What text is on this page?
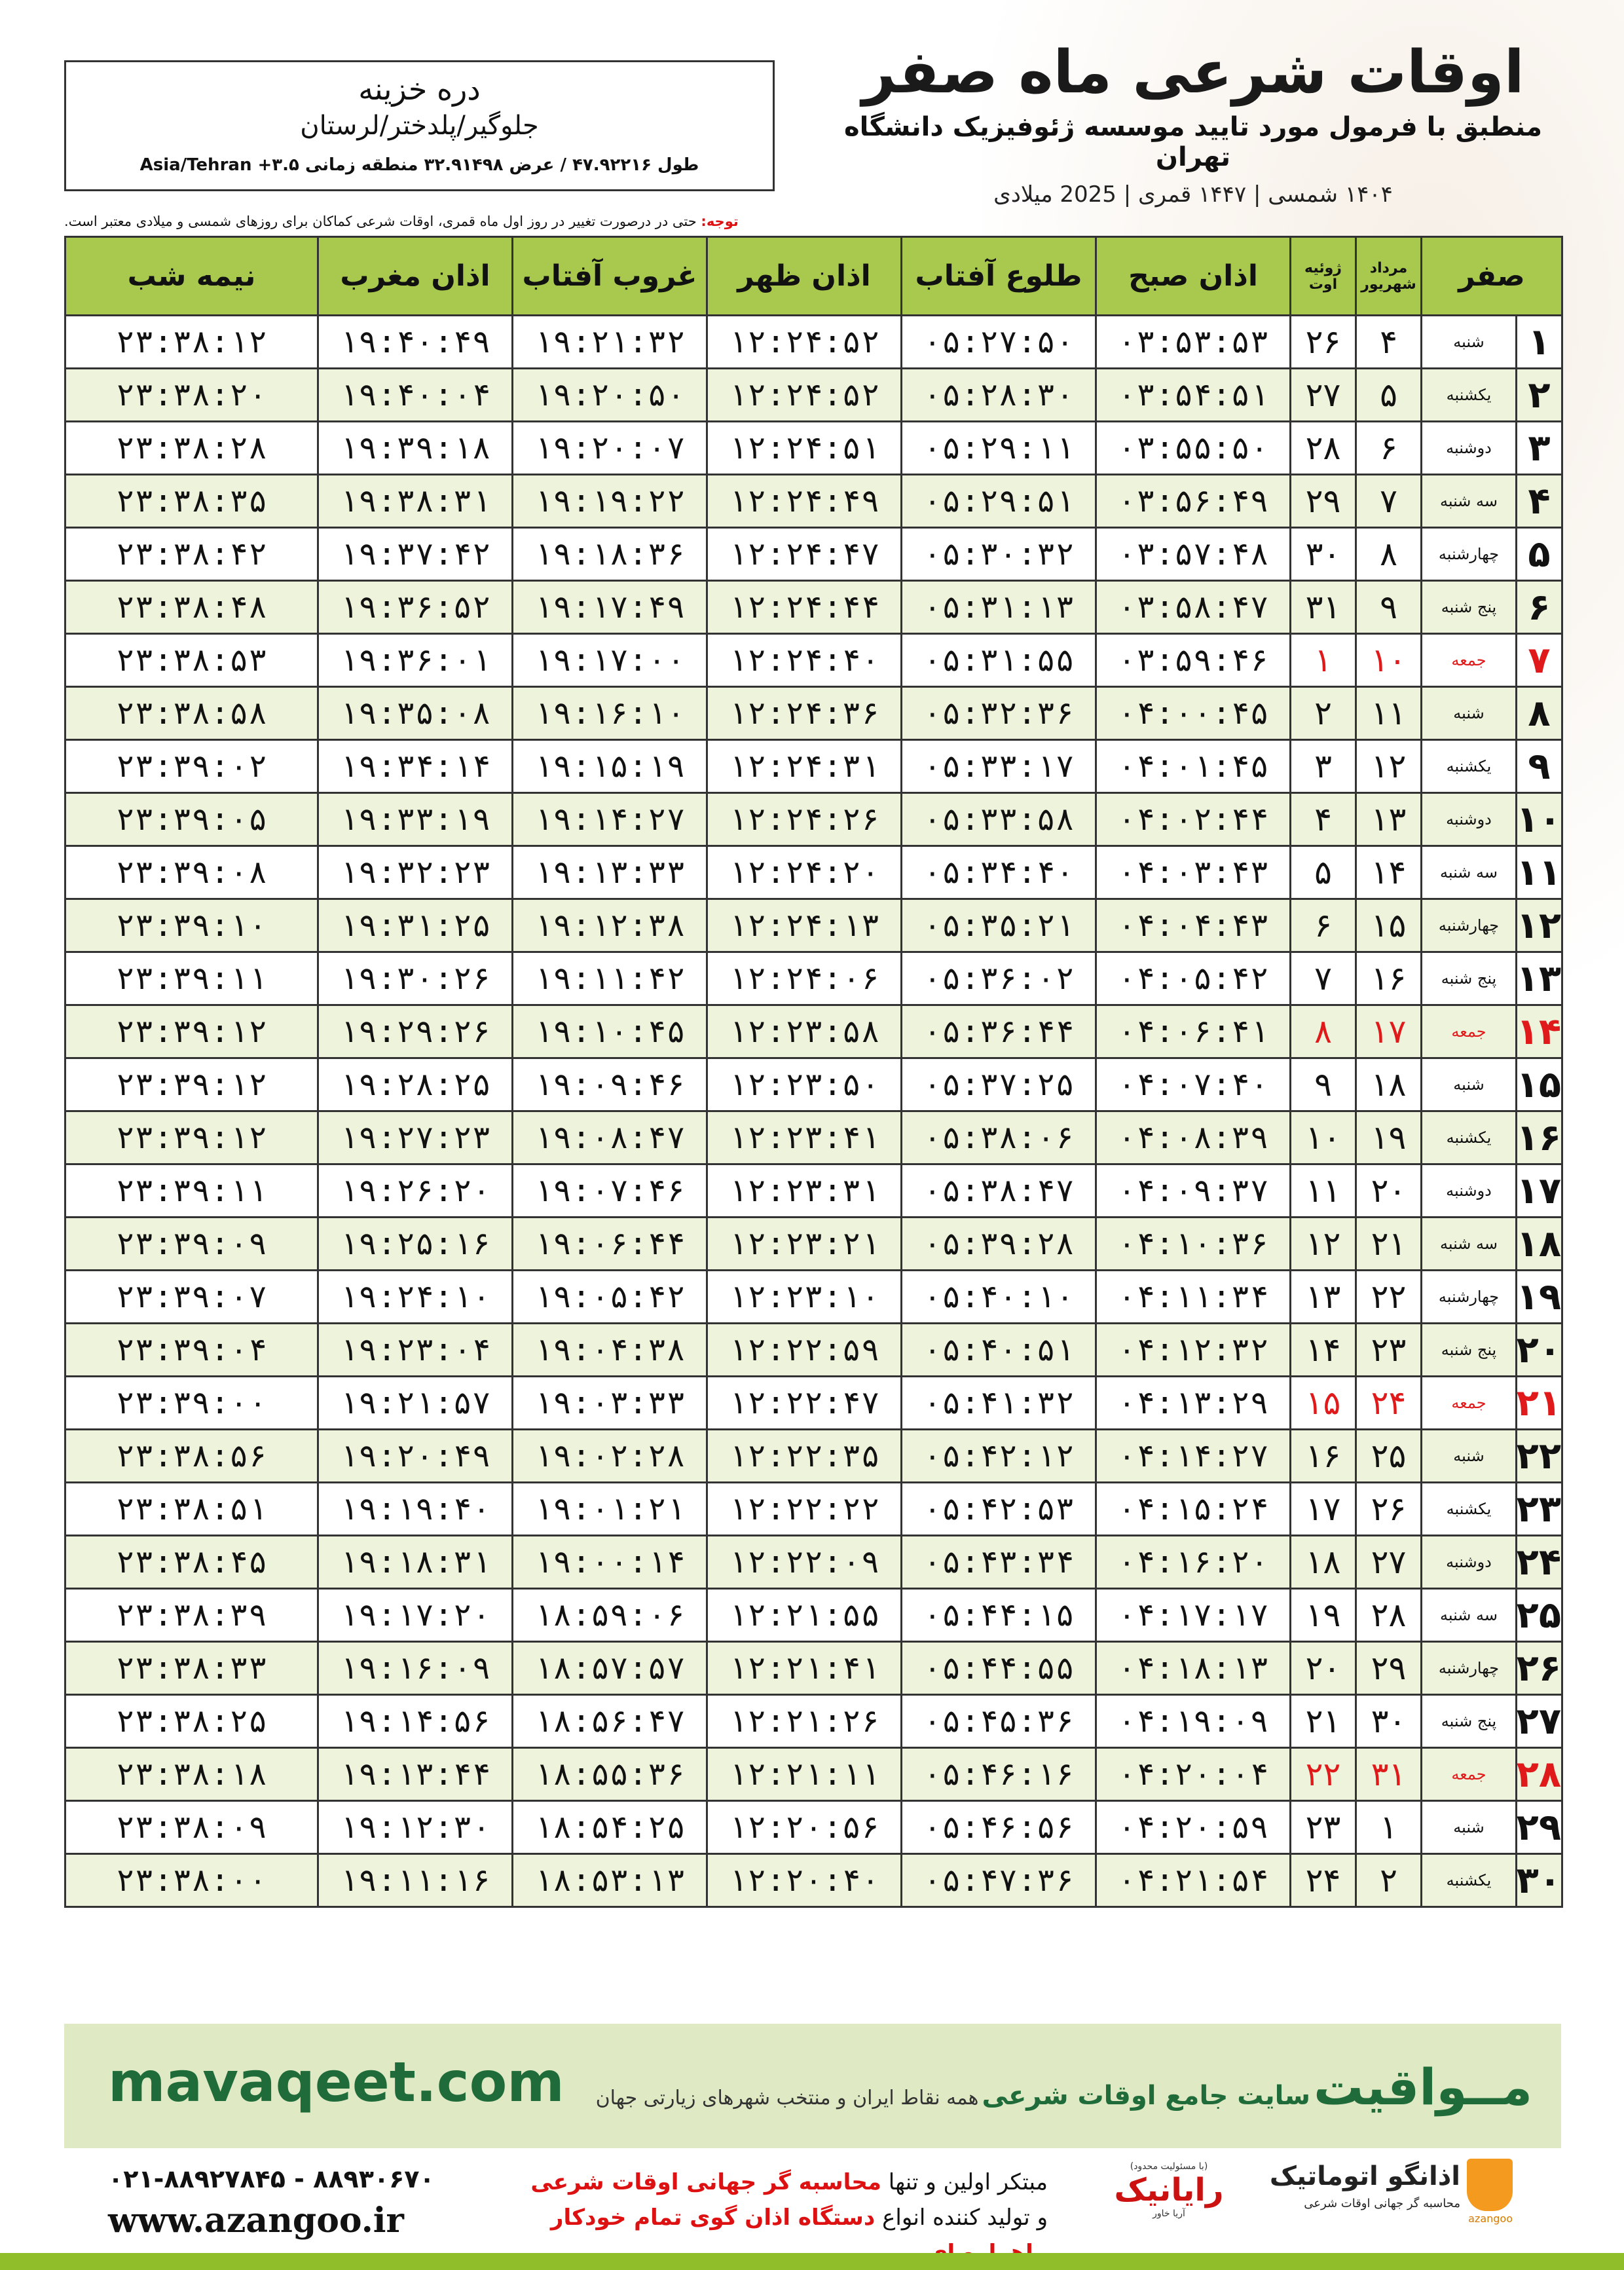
اوقات شرعی ماه صفر
منطبق با فرمول مورد تایید موسسه ژئوفیزیک دانشگاه تهران
۱۴۰۴ شمسی | ۱۴۴۷ قمری | 2025 میلادی
دره خزینه
جلوگیر/پلدختر/لرستان
طول ۴۷.۹۲۲۱۶ / عرض ۳۲.۹۱۴۹۸ منطقه زمانی ۳.۵+ Asia/Tehran
توجه: حتی در درصورت تغییر در روز اول ماه قمری، اوقات شرعی کماکان برای روزهای شمسی و میلادی معتبر است.
صفر		مرداد شهریور	ژوئیه اوت	اذان صبح	طلوع آفتاب	اذان ظهر	غروب آفتاب	اذان مغرب	نیمه شب
۱	شنبه	۴	۲۶	۰۳:۵۳:۵۳	۰۵:۲۷:۵۰	۱۲:۲۴:۵۲	۱۹:۲۱:۳۲	۱۹:۴۰:۴۹	۲۳:۳۸:۱۲
۲	یکشنبه	۵	۲۷	۰۳:۵۴:۵۱	۰۵:۲۸:۳۰	۱۲:۲۴:۵۲	۱۹:۲۰:۵۰	۱۹:۴۰:۰۴	۲۳:۳۸:۲۰
۳	دوشنبه	۶	۲۸	۰۳:۵۵:۵۰	۰۵:۲۹:۱۱	۱۲:۲۴:۵۱	۱۹:۲۰:۰۷	۱۹:۳۹:۱۸	۲۳:۳۸:۲۸
۴	سه شنبه	۷	۲۹	۰۳:۵۶:۴۹	۰۵:۲۹:۵۱	۱۲:۲۴:۴۹	۱۹:۱۹:۲۲	۱۹:۳۸:۳۱	۲۳:۳۸:۳۵
۵	چهارشنبه	۸	۳۰	۰۳:۵۷:۴۸	۰۵:۳۰:۳۲	۱۲:۲۴:۴۷	۱۹:۱۸:۳۶	۱۹:۳۷:۴۲	۲۳:۳۸:۴۲
۶	پنج شنبه	۹	۳۱	۰۳:۵۸:۴۷	۰۵:۳۱:۱۳	۱۲:۲۴:۴۴	۱۹:۱۷:۴۹	۱۹:۳۶:۵۲	۲۳:۳۸:۴۸
۷	جمعه	۱۰	۱	۰۳:۵۹:۴۶	۰۵:۳۱:۵۵	۱۲:۲۴:۴۰	۱۹:۱۷:۰۰	۱۹:۳۶:۰۱	۲۳:۳۸:۵۳
۸	شنبه	۱۱	۲	۰۴:۰۰:۴۵	۰۵:۳۲:۳۶	۱۲:۲۴:۳۶	۱۹:۱۶:۱۰	۱۹:۳۵:۰۸	۲۳:۳۸:۵۸
۹	یکشنبه	۱۲	۳	۰۴:۰۱:۴۵	۰۵:۳۳:۱۷	۱۲:۲۴:۳۱	۱۹:۱۵:۱۹	۱۹:۳۴:۱۴	۲۳:۳۹:۰۲
۱۰	دوشنبه	۱۳	۴	۰۴:۰۲:۴۴	۰۵:۳۳:۵۸	۱۲:۲۴:۲۶	۱۹:۱۴:۲۷	۱۹:۳۳:۱۹	۲۳:۳۹:۰۵
۱۱	سه شنبه	۱۴	۵	۰۴:۰۳:۴۳	۰۵:۳۴:۴۰	۱۲:۲۴:۲۰	۱۹:۱۳:۳۳	۱۹:۳۲:۲۳	۲۳:۳۹:۰۸
۱۲	چهارشنبه	۱۵	۶	۰۴:۰۴:۴۳	۰۵:۳۵:۲۱	۱۲:۲۴:۱۳	۱۹:۱۲:۳۸	۱۹:۳۱:۲۵	۲۳:۳۹:۱۰
۱۳	پنج شنبه	۱۶	۷	۰۴:۰۵:۴۲	۰۵:۳۶:۰۲	۱۲:۲۴:۰۶	۱۹:۱۱:۴۲	۱۹:۳۰:۲۶	۲۳:۳۹:۱۱
۱۴	جمعه	۱۷	۸	۰۴:۰۶:۴۱	۰۵:۳۶:۴۴	۱۲:۲۳:۵۸	۱۹:۱۰:۴۵	۱۹:۲۹:۲۶	۲۳:۳۹:۱۲
۱۵	شنبه	۱۸	۹	۰۴:۰۷:۴۰	۰۵:۳۷:۲۵	۱۲:۲۳:۵۰	۱۹:۰۹:۴۶	۱۹:۲۸:۲۵	۲۳:۳۹:۱۲
۱۶	یکشنبه	۱۹	۱۰	۰۴:۰۸:۳۹	۰۵:۳۸:۰۶	۱۲:۲۳:۴۱	۱۹:۰۸:۴۷	۱۹:۲۷:۲۳	۲۳:۳۹:۱۲
۱۷	دوشنبه	۲۰	۱۱	۰۴:۰۹:۳۷	۰۵:۳۸:۴۷	۱۲:۲۳:۳۱	۱۹:۰۷:۴۶	۱۹:۲۶:۲۰	۲۳:۳۹:۱۱
۱۸	سه شنبه	۲۱	۱۲	۰۴:۱۰:۳۶	۰۵:۳۹:۲۸	۱۲:۲۳:۲۱	۱۹:۰۶:۴۴	۱۹:۲۵:۱۶	۲۳:۳۹:۰۹
۱۹	چهارشنبه	۲۲	۱۳	۰۴:۱۱:۳۴	۰۵:۴۰:۱۰	۱۲:۲۳:۱۰	۱۹:۰۵:۴۲	۱۹:۲۴:۱۰	۲۳:۳۹:۰۷
۲۰	پنج شنبه	۲۳	۱۴	۰۴:۱۲:۳۲	۰۵:۴۰:۵۱	۱۲:۲۲:۵۹	۱۹:۰۴:۳۸	۱۹:۲۳:۰۴	۲۳:۳۹:۰۴
۲۱	جمعه	۲۴	۱۵	۰۴:۱۳:۲۹	۰۵:۴۱:۳۲	۱۲:۲۲:۴۷	۱۹:۰۳:۳۳	۱۹:۲۱:۵۷	۲۳:۳۹:۰۰
۲۲	شنبه	۲۵	۱۶	۰۴:۱۴:۲۷	۰۵:۴۲:۱۲	۱۲:۲۲:۳۵	۱۹:۰۲:۲۸	۱۹:۲۰:۴۹	۲۳:۳۸:۵۶
۲۳	یکشنبه	۲۶	۱۷	۰۴:۱۵:۲۴	۰۵:۴۲:۵۳	۱۲:۲۲:۲۲	۱۹:۰۱:۲۱	۱۹:۱۹:۴۰	۲۳:۳۸:۵۱
۲۴	دوشنبه	۲۷	۱۸	۰۴:۱۶:۲۰	۰۵:۴۳:۳۴	۱۲:۲۲:۰۹	۱۹:۰۰:۱۴	۱۹:۱۸:۳۱	۲۳:۳۸:۴۵
۲۵	سه شنبه	۲۸	۱۹	۰۴:۱۷:۱۷	۰۵:۴۴:۱۵	۱۲:۲۱:۵۵	۱۸:۵۹:۰۶	۱۹:۱۷:۲۰	۲۳:۳۸:۳۹
۲۶	چهارشنبه	۲۹	۲۰	۰۴:۱۸:۱۳	۰۵:۴۴:۵۵	۱۲:۲۱:۴۱	۱۸:۵۷:۵۷	۱۹:۱۶:۰۹	۲۳:۳۸:۳۳
۲۷	پنج شنبه	۳۰	۲۱	۰۴:۱۹:۰۹	۰۵:۴۵:۳۶	۱۲:۲۱:۲۶	۱۸:۵۶:۴۷	۱۹:۱۴:۵۶	۲۳:۳۸:۲۵
۲۸	جمعه	۳۱	۲۲	۰۴:۲۰:۰۴	۰۵:۴۶:۱۶	۱۲:۲۱:۱۱	۱۸:۵۵:۳۶	۱۹:۱۳:۴۴	۲۳:۳۸:۱۸
۲۹	شنبه	۱	۲۳	۰۴:۲۰:۵۹	۰۵:۴۶:۵۶	۱۲:۲۰:۵۶	۱۸:۵۴:۲۵	۱۹:۱۲:۳۰	۲۳:۳۸:۰۹
۳۰	یکشنبه	۲	۲۴	۰۴:۲۱:۵۴	۰۵:۴۷:۳۶	۱۲:۲۰:۴۰	۱۸:۵۳:۱۳	۱۹:۱۱:۱۶	۲۳:۳۸:۰۰
mavaqeet.com	مــواقیت سایت جامع اوقات شرعی همه نقاط ایران و منتخب شهرهای زیارتی جهان
۰۲۱-۸۸۹۲۷۸۴۵ - ۸۸۹۳۰۶۷۰
www.azangoo.ir
مبتکر اولین و تنها محاسبه گر جهانی اوقات شرعی
و تولید کننده انواع دستگاه اذان گوی تمام خودکار
(با مسئولیت محدود)
رایانیک
آریا خاور
اذانگو اتوماتیک
محاسبه گر جهانی اوقات شرعی
azangoo
